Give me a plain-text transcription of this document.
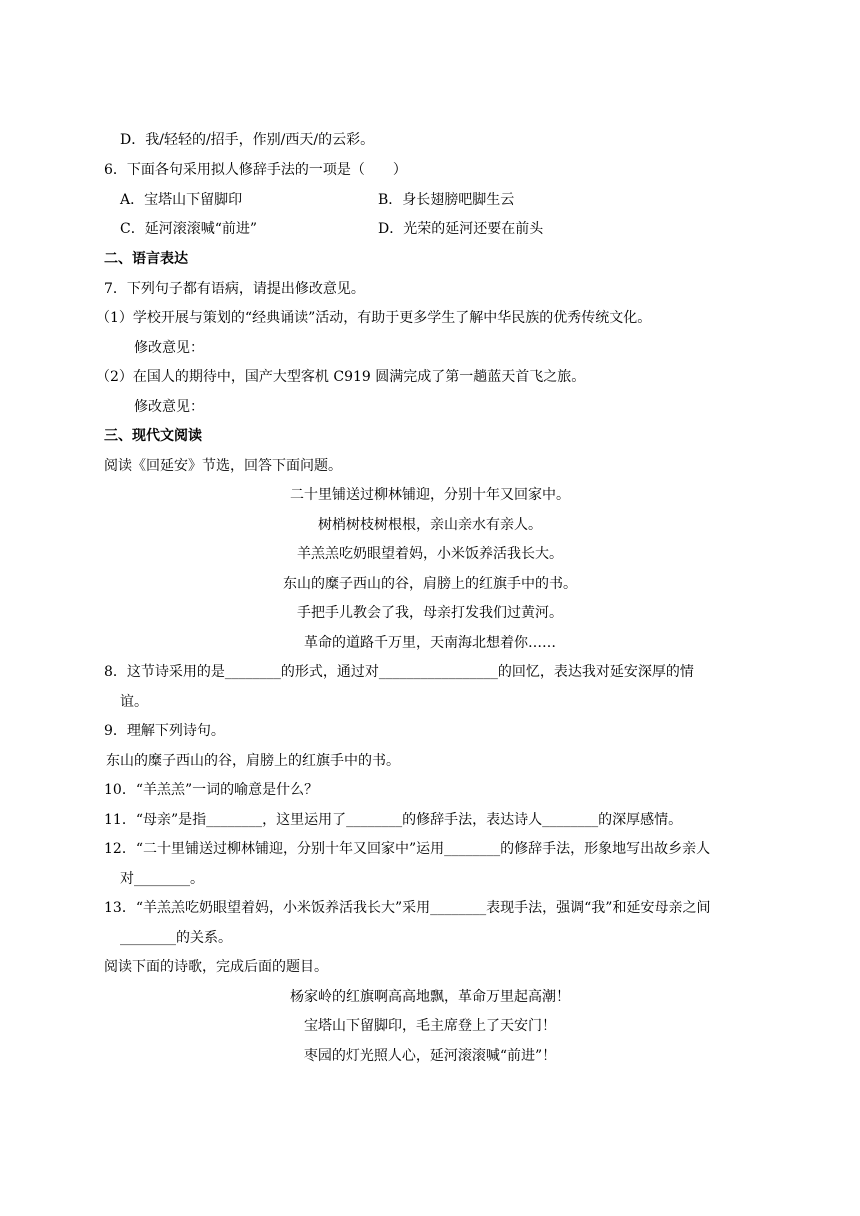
D．我/轻轻的/招手，作别/西天/的云彩。
6．下面各句采用拟人修辞手法的一项是（　　）
A．宝塔山下留脚印	B．身长翅膀吧脚生云
C．延河滚滚喊“前进”	D．光荣的延河还要在前头
二、语言表达
7．下列句子都有语病，请提出修改意见。
（1）学校开展与策划的“经典诵读”活动，有助于更多学生了解中华民族的优秀传统文化。
修改意见：
（2）在国人的期待中，国产大型客机 C919 圆满完成了第一趟蓝天首飞之旅。
修改意见：
三、现代文阅读
阅读《回延安》节选，回答下面问题。
二十里铺送过柳林铺迎，分别十年又回家中。
树梢树枝树根根，亲山亲水有亲人。
羊羔羔吃奶眼望着妈，小米饭养活我长大。
东山的糜子西山的谷，肩膀上的红旗手中的书。
手把手儿教会了我，母亲打发我们过黄河。
革命的道路千万里，天南海北想着你……
8．这节诗采用的是________的形式，通过对_________________的回忆，表达我对延安深厚的情
谊。
9．理解下列诗句。
东山的糜子西山的谷，肩膀上的红旗手中的书。
10．“羊羔羔”一词的喻意是什么？
11．“母亲”是指________，这里运用了________的修辞手法，表达诗人________的深厚感情。
12．“二十里铺送过柳林铺迎，分别十年又回家中”运用________的修辞手法，形象地写出故乡亲人
对________。
13．“羊羔羔吃奶眼望着妈，小米饭养活我长大”采用________表现手法，强调“我”和延安母亲之间
________的关系。
阅读下面的诗歌，完成后面的题目。
杨家岭的红旗啊高高地飘，革命万里起高潮！
宝塔山下留脚印，毛主席登上了天安门！
枣园的灯光照人心，延河滚滚喊“前进”！
